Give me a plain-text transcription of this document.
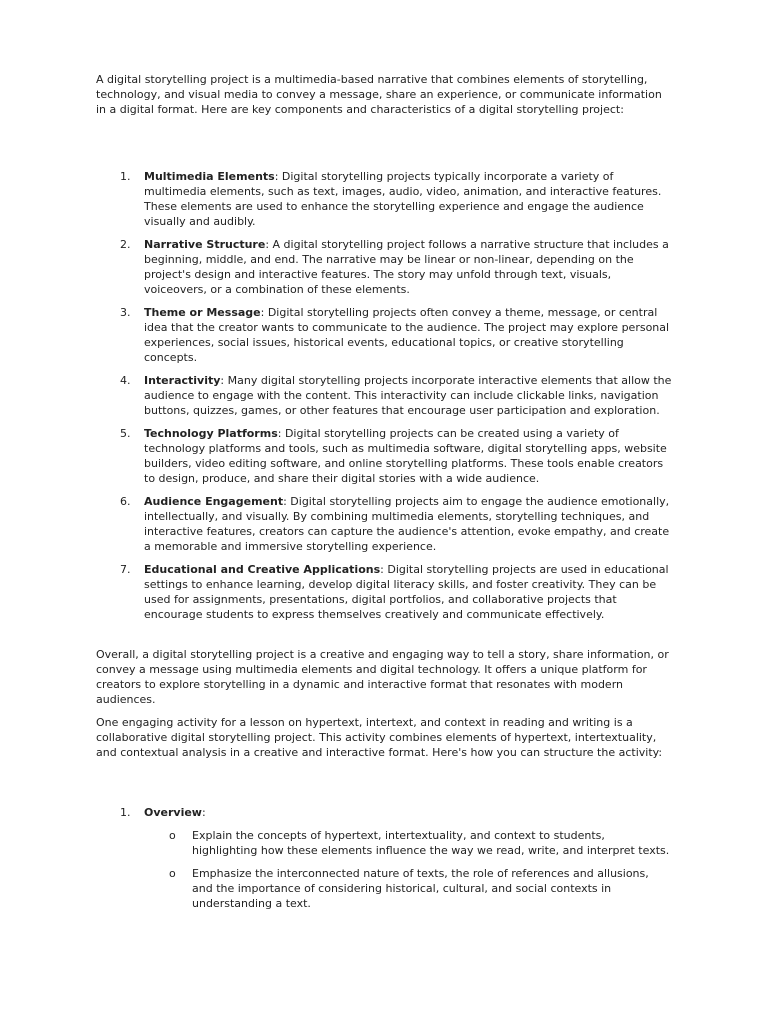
A digital storytelling project is a multimedia-based narrative that combines elements of storytelling, technology, and visual media to convey a message, share an experience, or communicate information in a digital format. Here are key components and characteristics of a digital storytelling project:

1. Multimedia Elements: Digital storytelling projects typically incorporate a variety of multimedia elements, such as text, images, audio, video, animation, and interactive features. These elements are used to enhance the storytelling experience and engage the audience visually and audibly.
2. Narrative Structure: A digital storytelling project follows a narrative structure that includes a beginning, middle, and end. The narrative may be linear or non-linear, depending on the project's design and interactive features. The story may unfold through text, visuals, voiceovers, or a combination of these elements.
3. Theme or Message: Digital storytelling projects often convey a theme, message, or central idea that the creator wants to communicate to the audience. The project may explore personal experiences, social issues, historical events, educational topics, or creative storytelling concepts.
4. Interactivity: Many digital storytelling projects incorporate interactive elements that allow the audience to engage with the content. This interactivity can include clickable links, navigation buttons, quizzes, games, or other features that encourage user participation and exploration.
5. Technology Platforms: Digital storytelling projects can be created using a variety of technology platforms and tools, such as multimedia software, digital storytelling apps, website builders, video editing software, and online storytelling platforms. These tools enable creators to design, produce, and share their digital stories with a wide audience.
6. Audience Engagement: Digital storytelling projects aim to engage the audience emotionally, intellectually, and visually. By combining multimedia elements, storytelling techniques, and interactive features, creators can capture the audience's attention, evoke empathy, and create a memorable and immersive storytelling experience.
7. Educational and Creative Applications: Digital storytelling projects are used in educational settings to enhance learning, develop digital literacy skills, and foster creativity. They can be used for assignments, presentations, digital portfolios, and collaborative projects that encourage students to express themselves creatively and communicate effectively.

Overall, a digital storytelling project is a creative and engaging way to tell a story, share information, or convey a message using multimedia elements and digital technology. It offers a unique platform for creators to explore storytelling in a dynamic and interactive format that resonates with modern audiences.

One engaging activity for a lesson on hypertext, intertext, and context in reading and writing is a collaborative digital storytelling project. This activity combines elements of hypertext, intertextuality, and contextual analysis in a creative and interactive format. Here's how you can structure the activity:

1. Overview:
o Explain the concepts of hypertext, intertextuality, and context to students, highlighting how these elements influence the way we read, write, and interpret texts.
o Emphasize the interconnected nature of texts, the role of references and allusions, and the importance of considering historical, cultural, and social contexts in understanding a text.
